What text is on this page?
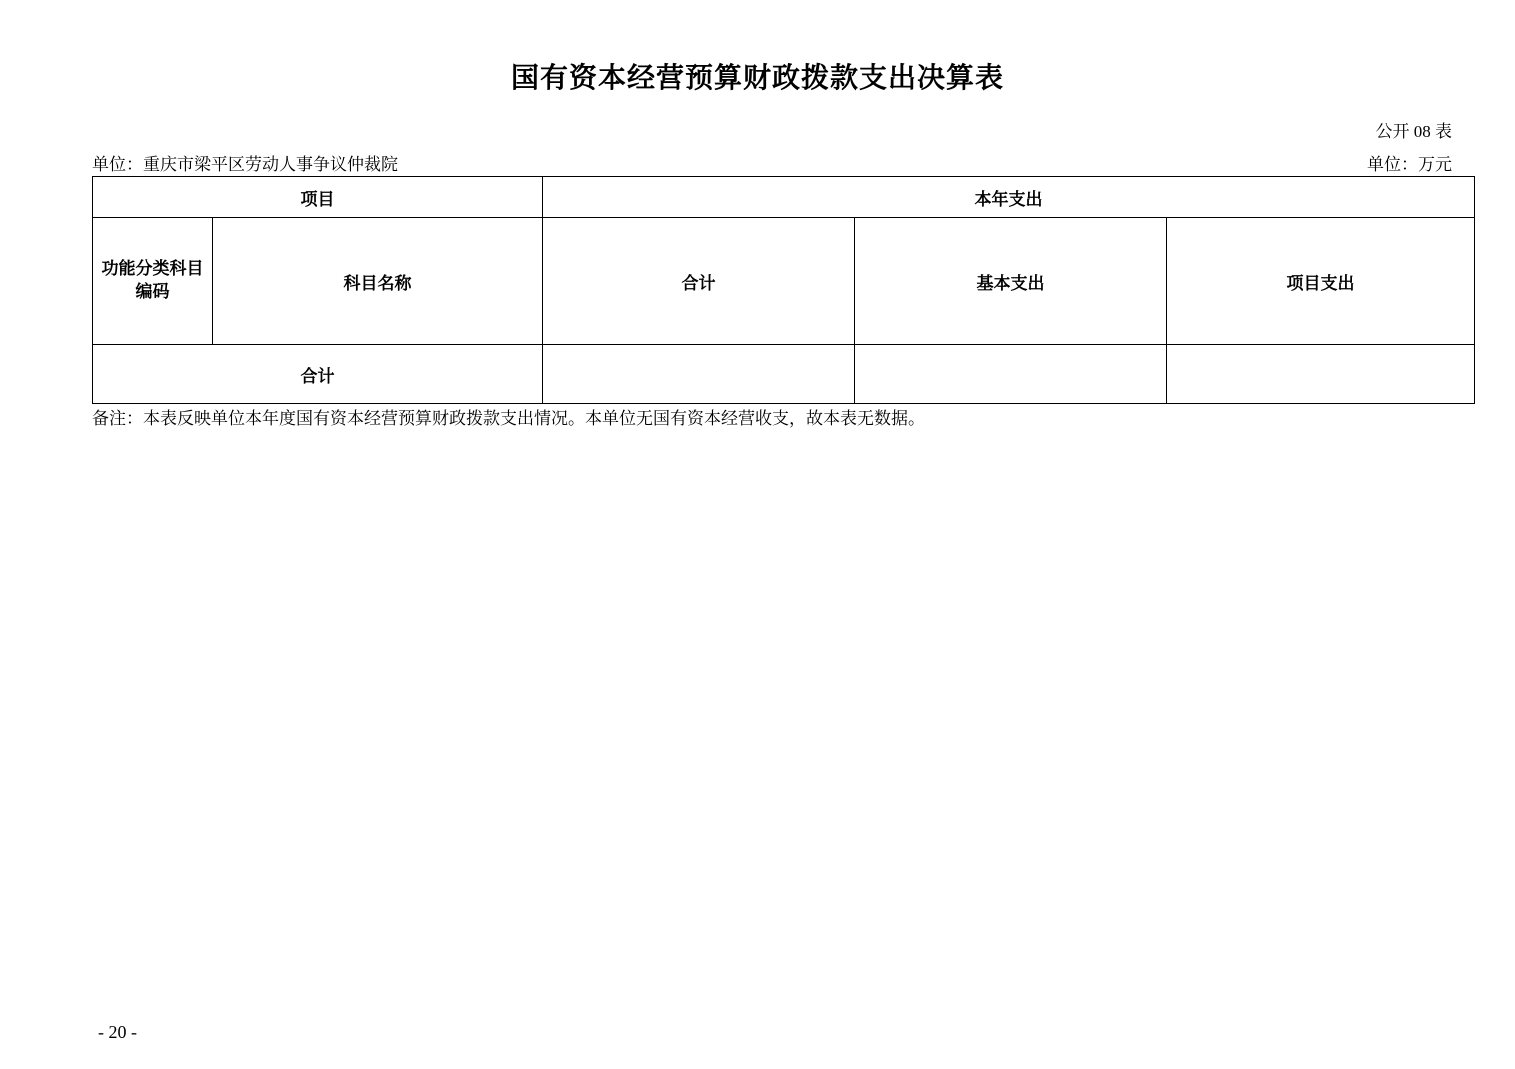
国有资本经营预算财政拨款支出决算表
公开 08 表
单位：重庆市梁平区劳动人事争议仲裁院	单位：万元
项目		本年支出		

功能分类科目
编码	科目名称	合计	基本支出	项目支出
合计				
备注：本表反映单位本年度国有资本经营预算财政拨款支出情况。本单位无国有资本经营收支，故本表无数据。
- 20 -
